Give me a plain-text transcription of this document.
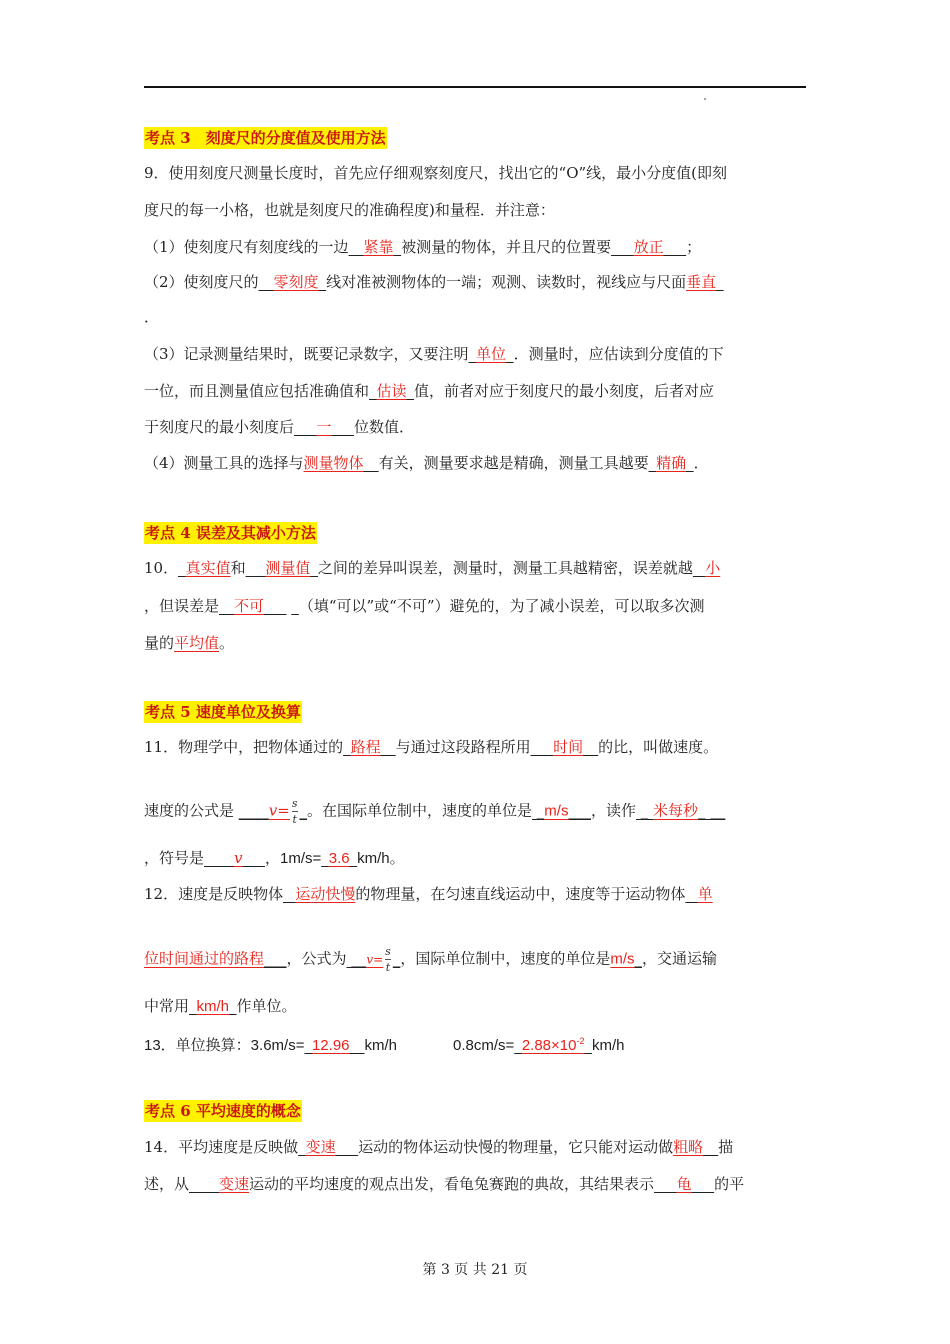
考点 3　刻度尺的分度值及使用方法
9．使用刻度尺测量长度时，首先应仔细观察刻度尺，找出它的“O”线，最小分度值(即刻
度尺的每一小格，也就是刻度尺的准确程度)和量程．并注意：
（1）使刻度尺有刻度线的一边__紧靠_被测量的物体，并且尺的位置要___放正___；
（2）使刻度尺的__零刻度_线对准被测物体的一端；观测、读数时，视线应与尺面垂直_
．
（3）记录测量结果时，既要记录数字，又要注明_单位_．测量时，应估读到分度值的下
一位，而且测量值应包括准确值和_估读_值，前者对应于刻度尺的最小刻度，后者对应
于刻度尺的最小刻度后___一___位数值．
（4）测量工具的选择与测量物体__有关，测量要求越是精确，测量工具越要_精确_．
考点 4 误差及其减小方法
10．_真实值和_ _测量值_之间的差异叫误差，测量时，测量工具越精密，误差就越_ 小
，但误差是__不可___ _（填“可以”或“不可”）避免的，为了减小误差，可以取多次测
量的平均值。
考点 5 速度单位及换算
11．物理学中，把物体通过的_路程__与通过这段路程所用___时间__的比，叫做速度。
速度的公式是 ____v= $\frac{s}{t}$ _。在国际单位制中，速度的单位是 _m/s___，读作 _ 米每秒_ __
，符号是____v___，1m/s=_3.6_km/h。
12．速度是反映物体_ 运动快慢的物理量，在匀速直线运动中，速度等于运动物体_ 单
位时间通过的路程___，公式为 __v= $\frac{s}{t}$ _，国际单位制中，速度的单位是m/s_，交通运输
中常用_km/h_作单位。
13．单位换算：3.6m/s=_12.96__km/h	$0.8cm/s=\_2.88\times 10^{-2}\_km/h$
考点 6 平均速度的概念
14．平均速度是反映做_变速___运动的物体运动快慢的物理量，它只能对运动做粗略__描
述，从____变速运动的平均速度的观点出发，看龟兔赛跑的典故，其结果表示___龟___的平
第 3 页 共 21 页
